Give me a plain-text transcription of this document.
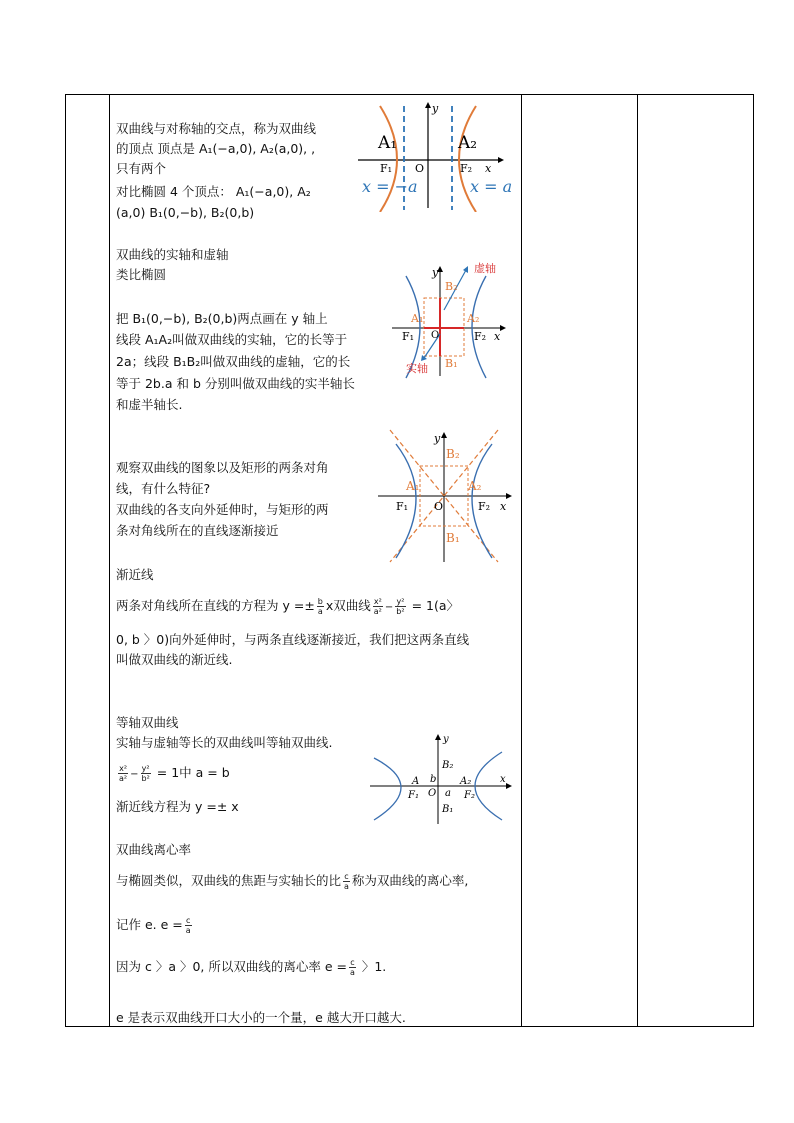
双曲线与对称轴的交点，称为双曲线
的顶点 顶点是 A₁(−a,0), A₂(a,0), ,
只有两个
对比椭圆 4 个顶点： A₁(−a,0), A₂
(a,0) B₁(0,−b), B₂(0,b)
A₁	A₂
F₁	F₂
O	x
y
x = −a	x = a
双曲线的实轴和虚轴
类比椭圆
把 B₁(0,−b), B₂(0,b)两点画在 y 轴上
线段 A₁A₂叫做双曲线的实轴，它的长等于
2a；线段 B₁B₂叫做双曲线的虚轴，它的长
等于 2b.a 和 b 分别叫做双曲线的实半轴长
和虚半轴长.
虚轴
实轴
A₁	A₂
B₂
B₁
F₁	F₂
O	x
y
观察双曲线的图象以及矩形的两条对角
线，有什么特征?
双曲线的各支向外延伸时，与矩形的两
条对角线所在的直线逐渐接近
A₁	A₂
B₂
B₁
F₁	F₂
O	x
y
渐近线
两条对角线所在直线的方程为 $y =\pm \frac{b}{a}$ x双曲线 $\frac{\text{x²}}{\text{a²}} - \frac{\text{y²}}{\text{b²}} = 1(a$〉
0, b 〉0)向外延伸时，与两条直线逐渐接近，我们把这两条直线
叫做双曲线的渐近线.
等轴双曲线
实轴与虚轴等长的双曲线叫等轴双曲线.
$\frac{\text{x²}}{\text{a²}} - \frac{\text{y²}}{\text{b²}} = 1$中 a = b
渐近线方程为 y =± x
A	A₂
B₂
B₁
F₁	F₂
O a
b	x
y
双曲线离心率
与椭圆类似，双曲线的焦距与实轴长的比 $\frac{c}{a}$ 称为双曲线的离心率,
记作 e. $e = \frac{c}{a}$
因为 c 〉a 〉0, 所以双曲线的离心率 $e = \frac{c}{a}$ 〉1.
e 是表示双曲线开口大小的一个量，e 越大开口越大.
